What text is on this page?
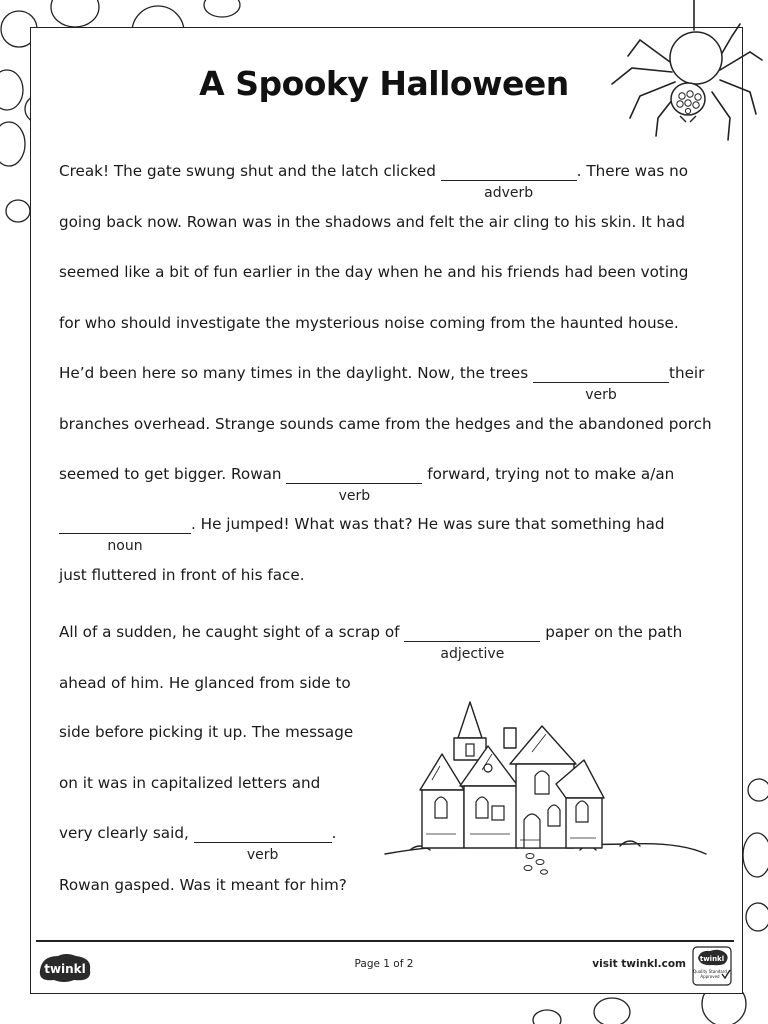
A Spooky Halloween
Creak! The gate swung shut and the latch clicked
adverb
. There was no
going back now. Rowan was in the shadows and felt the air cling to his skin. It had
seemed like a bit of fun earlier in the day when he and his friends had been voting
for who should investigate the mysterious noise coming from the haunted house.
He’d been here so many times in the daylight. Now, the trees
verb
their
branches overhead. Strange sounds came from the hedges and the abandoned porch
seemed to get bigger. Rowan
verb
forward, trying not to make a/an
noun
. He jumped! What was that? He was sure that something had
just fluttered in front of his face.
All of a sudden, he caught sight of a scrap of
adjective
paper on the path
ahead of him. He glanced from side to
side before picking it up. The message
on it was in capitalized letters and
very clearly said,
verb
.
Rowan gasped. Was it meant for him?
twinkl	Page 1 of 2	visit twinkl.com twinkl
Quality Standard
Approved
